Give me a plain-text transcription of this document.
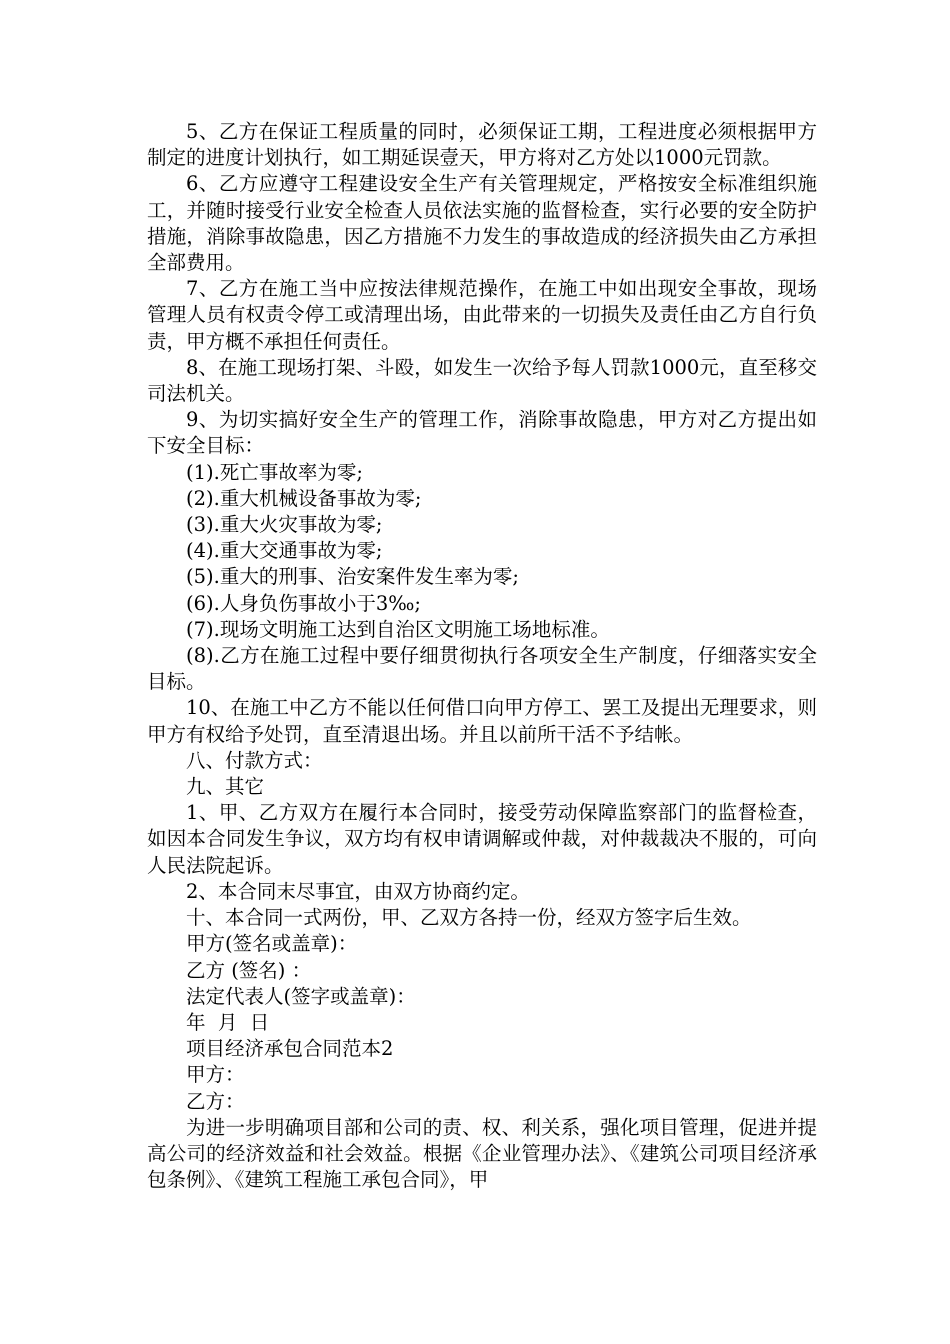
5、乙方在保证工程质量的同时，必须保证工期，工程进度必须根据甲方制定的进度计划执行，如工期延误壹天，甲方将对乙方处以1000元罚款。

6、乙方应遵守工程建设安全生产有关管理规定，严格按安全标准组织施工，并随时接受行业安全检查人员依法实施的监督检查，实行必要的安全防护措施，消除事故隐患，因乙方措施不力发生的事故造成的经济损失由乙方承担全部费用。

7、乙方在施工当中应按法律规范操作，在施工中如出现安全事故，现场管理人员有权责令停工或清理出场，由此带来的一切损失及责任由乙方自行负责，甲方概不承担任何责任。

8、在施工现场打架、斗殴，如发生一次给予每人罚款1000元，直至移交司法机关。

9、为切实搞好安全生产的管理工作，消除事故隐患，甲方对乙方提出如下安全目标：

(1).死亡事故率为零;

(2).重大机械设备事故为零;

(3).重大火灾事故为零;

(4).重大交通事故为零;

(5).重大的刑事、治安案件发生率为零;

(6).人身负伤事故小于3‰;

(7).现场文明施工达到自治区文明施工场地标准。

(8).乙方在施工过程中要仔细贯彻执行各项安全生产制度，仔细落实安全目标。

10、在施工中乙方不能以任何借口向甲方停工、罢工及提出无理要求，则甲方有权给予处罚，直至清退出场。并且以前所干活不予结帐。

八、付款方式：

九、其它

1、甲、乙方双方在履行本合同时，接受劳动保障监察部门的监督检查，如因本合同发生争议，双方均有权申请调解或仲裁，对仲裁裁决不服的，可向人民法院起诉。

2、本合同末尽事宜，由双方协商约定。

十、本合同一式两份，甲、乙双方各持一份，经双方签字后生效。

甲方(签名或盖章)：

乙方 (签名) ：

法定代表人(签字或盖章)：

年  月  日

项目经济承包合同范本2

甲方：

乙方：

为进一步明确项目部和公司的责、权、利关系，强化项目管理，促进并提高公司的经济效益和社会效益。根据《企业管理办法》、《建筑公司项目经济承包条例》、《建筑工程施工承包合同》，甲
